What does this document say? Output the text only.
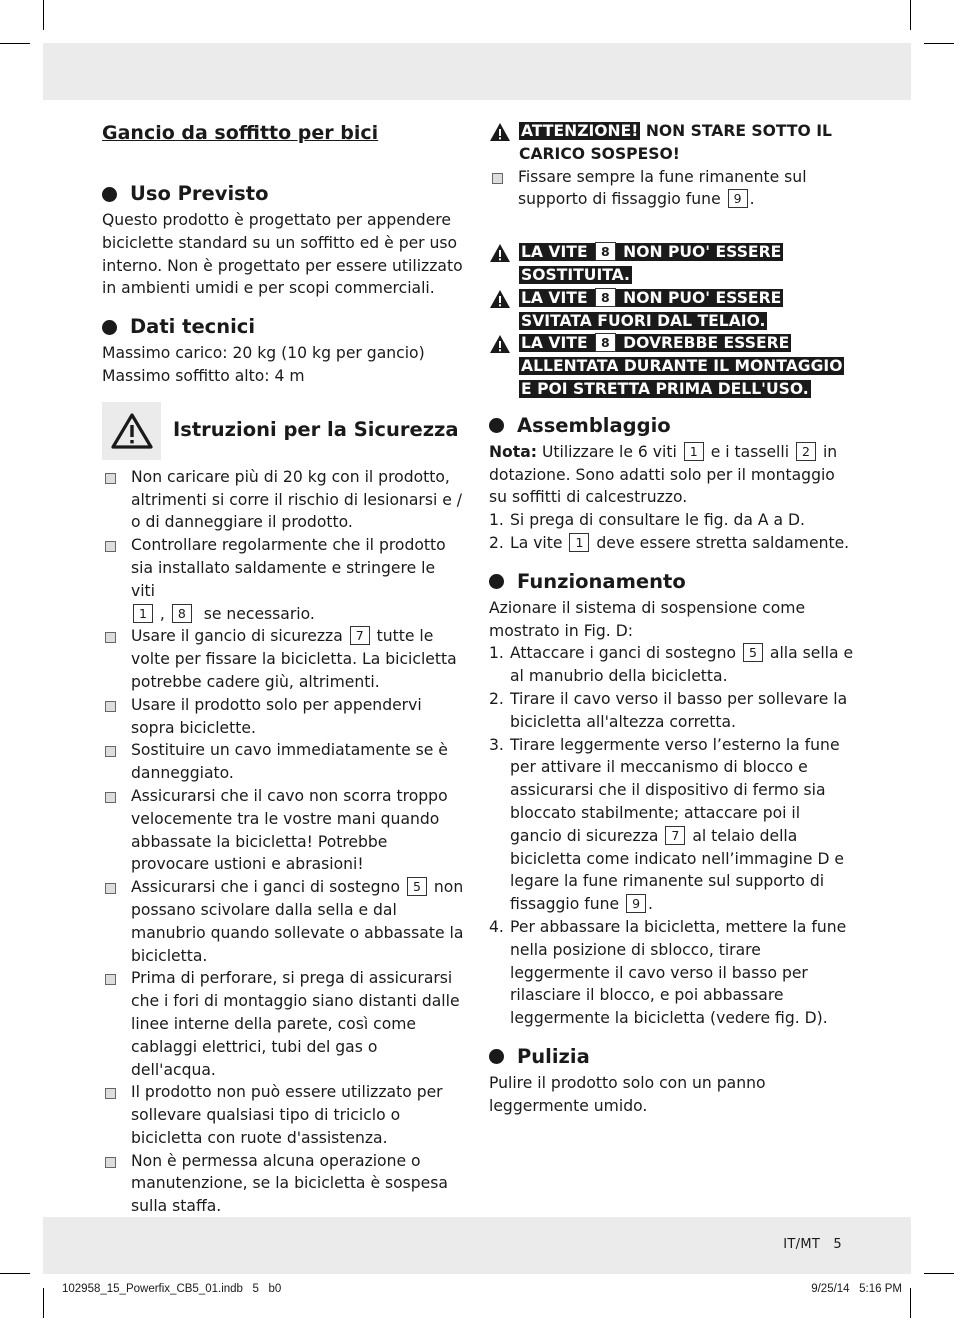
Gancio da soffitto per bici
Uso Previsto

Questo prodotto è progettato per appendere biciclette standard su un soffitto ed è per uso interno. Non è progettato per essere utilizzato in ambienti umidi e per scopi commerciali.

Dati tecnici

Massimo carico: 20 kg (10 kg per gancio)

Massimo soffitto alto: 4 m

Istruzioni per la Sicurezza
Non caricare più di 20 kg con il prodotto, altrimenti si corre il rischio di lesionarsi e / o di danneggiare il prodotto.
Controllare regolarmente che il prodotto sia installato saldamente e stringere le viti
1 , 8 se necessario.
Usare il gancio di sicurezza 7 tutte le volte per fissare la bicicletta. La bicicletta potrebbe cadere giù, altrimenti.
Usare il prodotto solo per appendervi sopra biciclette.
Sostituire un cavo immediatamente se è danneggiato.
Assicurarsi che il cavo non scorra troppo velocemente tra le vostre mani quando abbassate la bicicletta! Potrebbe provocare ustioni e abrasioni!
Assicurarsi che i ganci di sostegno 5 non possano scivolare dalla sella e dal manubrio quando sollevate o abbassate la bicicletta.
Prima di perforare, si prega di assicurarsi che i fori di montaggio siano distanti dalle linee interne della parete, così come cablaggi elettrici, tubi del gas o dell'acqua.
Il prodotto non può essere utilizzato per sollevare qualsiasi tipo di triciclo o bicicletta con ruote d'assistenza.
Non è permessa alcuna operazione o manutenzione, se la bicicletta è sospesa sulla staffa.
ATTENZIONE! NON STARE SOTTO IL CARICO SOSPESO!
Fissare sempre la fune rimanente sul supporto di fissaggio fune 9 .
LA VITE 8 NON PUO' ESSERE SOSTITUITA.
LA VITE 8 NON PUO' ESSERE SVITATA FUORI DAL TELAIO.
LA VITE 8 DOVREBBE ESSERE ALLENTATA DURANTE IL MONTAGGIO E POI STRETTA PRIMA DELL'USO.
Assemblaggio

Nota: Utilizzare le 6 viti 1 e i tasselli 2 in dotazione. Sono adatti solo per il montaggio su soffitti di calcestruzzo.

1. Si prega di consultare le fig. da A a D.
2. La vite 1 deve essere stretta saldamente.
Funzionamento

Azionare il sistema di sospensione come mostrato in Fig. D:

1. Attaccare i ganci di sostegno 5 alla sella e al manubrio della bicicletta.
2. Tirare il cavo verso il basso per sollevare la bicicletta all'altezza corretta.
3. Tirare leggermente verso l’esterno la fune per attivare il meccanismo di blocco e assicurarsi che il dispositivo di fermo sia bloccato stabilmente; attaccare poi il gancio di sicurezza 7 al telaio della bicicletta come indicato nell’immagine D e legare la fune rimanente sul supporto di fissaggio fune 9 .
4. Per abbassare la bicicletta, mettere la fune nella posizione di sblocco, tirare leggermente il cavo verso il basso per rilasciare il blocco, e poi abbassare leggermente la bicicletta (vedere fig. D).
Pulizia

Pulire il prodotto solo con un panno leggermente umido.

IT/MT 5
102958_15_Powerfix_CB5_01.indb   5   b0	9/25/14   5:16 PM
